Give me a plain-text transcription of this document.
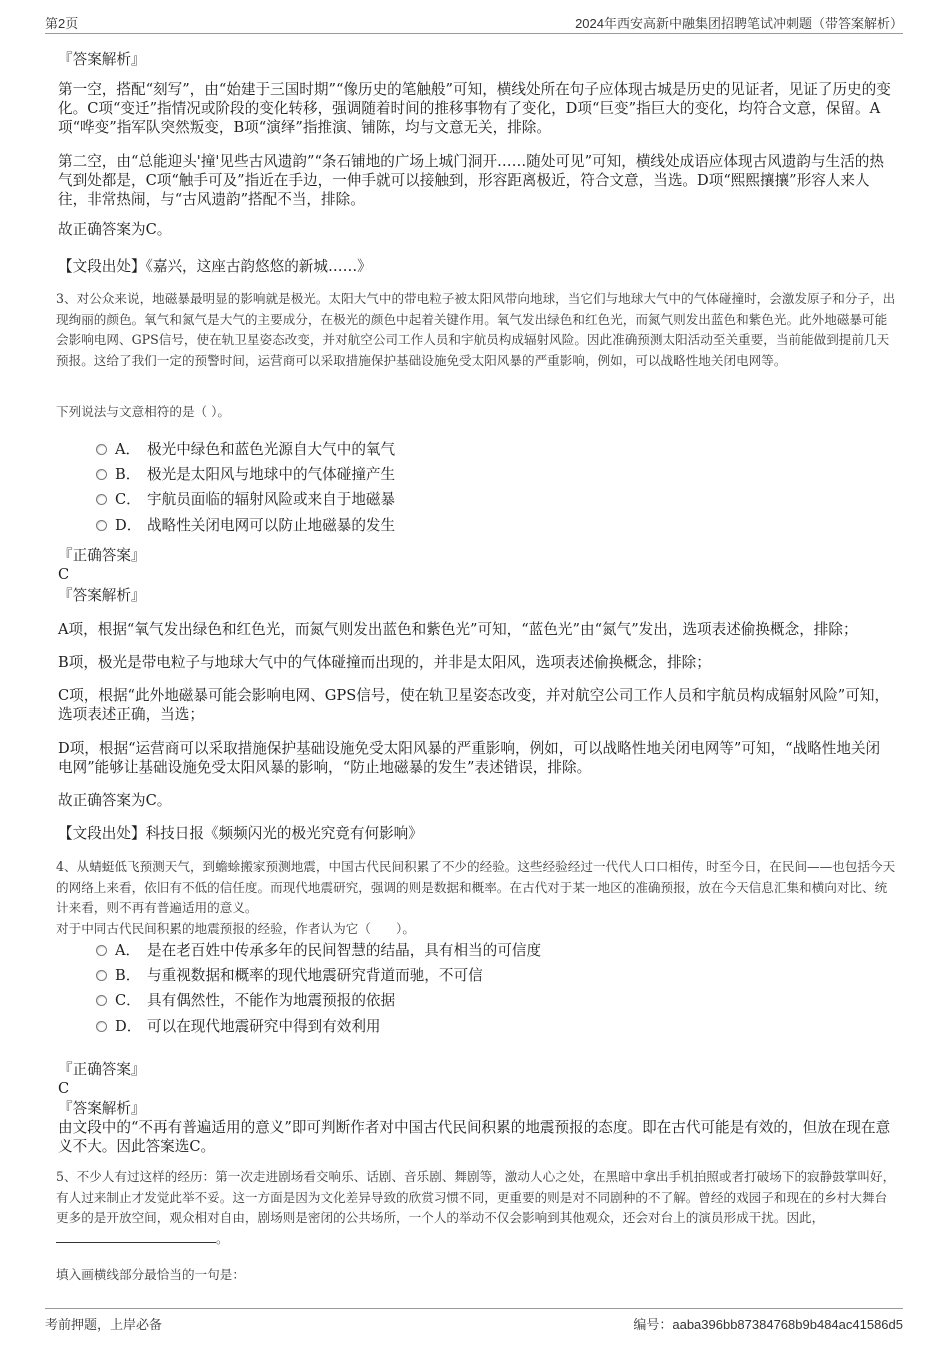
第2页	2024年西安高新中融集团招聘笔试冲刺题（带答案解析）
『答案解析』
第一空，搭配“刻写”，由“始建于三国时期”“像历史的笔触般”可知，横线处所在句子应体现古城是历史的见证者，见证了历史的变化。C项“变迁”指情况或阶段的变化转移，强调随着时间的推移事物有了变化，D项“巨变”指巨大的变化，均符合文意，保留。A项“哗变”指军队突然叛变，B项“演绎”指推演、铺陈，均与文意无关，排除。
第二空，由“总能迎头'撞'见些古风遗韵”“条石铺地的广场上城门洞开……随处可见”可知，横线处成语应体现古风遗韵与生活的热气到处都是，C项“触手可及”指近在手边，一伸手就可以接触到，形容距离极近，符合文意，当选。D项“熙熙攘攘”形容人来人往，非常热闹，与“古风遗韵”搭配不当，排除。
故正确答案为C。
【文段出处】《嘉兴，这座古韵悠悠的新城……》
3、对公众来说，地磁暴最明显的影响就是极光。太阳大气中的带电粒子被太阳风带向地球，当它们与地球大气中的气体碰撞时，会激发原子和分子，出现绚丽的颜色。氧气和氮气是大气的主要成分，在极光的颜色中起着关键作用。氧气发出绿色和红色光，而氮气则发出蓝色和紫色光。此外地磁暴可能会影响电网、GPS信号，使在轨卫星姿态改变，并对航空公司工作人员和宇航员构成辐射风险。因此准确预测太阳活动至关重要，当前能做到提前几天预报。这给了我们一定的预警时间，运营商可以采取措施保护基础设施免受太阳风暴的严重影响，例如，可以战略性地关闭电网等。
下列说法与文意相符的是（ ）。
A． 极光中绿色和蓝色光源自大气中的氧气
B． 极光是太阳风与地球中的气体碰撞产生
C． 宇航员面临的辐射风险或来自于地磁暴
D． 战略性关闭电网可以防止地磁暴的发生
『正确答案』
C
『答案解析』
A项，根据“氧气发出绿色和红色光，而氮气则发出蓝色和紫色光”可知，“蓝色光”由“氮气”发出，选项表述偷换概念，排除；
B项，极光是带电粒子与地球大气中的气体碰撞而出现的，并非是太阳风，选项表述偷换概念，排除；
C项，根据“此外地磁暴可能会影响电网、GPS信号，使在轨卫星姿态改变，并对航空公司工作人员和宇航员构成辐射风险”可知，选项表述正确，当选；
D项，根据“运营商可以采取措施保护基础设施免受太阳风暴的严重影响，例如，可以战略性地关闭电网等”可知，“战略性地关闭电网”能够让基础设施免受太阳风暴的影响，“防止地磁暴的发生”表述错误，排除。
故正确答案为C。
【文段出处】科技日报《频频闪光的极光究竟有何影响》
4、从蜻蜓低飞预测天气，到蟾蜍搬家预测地震，中国古代民间积累了不少的经验。这些经验经过一代代人口口相传，时至今日，在民间——也包括今天的网络上来看，依旧有不低的信任度。而现代地震研究，强调的则是数据和概率。在古代对于某一地区的准确预报，放在今天信息汇集和横向对比、统计来看，则不再有普遍适用的意义。
对于中同古代民间积累的地震预报的经验，作者认为它（　　）。
A． 是在老百姓中传承多年的民间智慧的结晶，具有相当的可信度
B． 与重视数据和概率的现代地震研究背道而驰，不可信
C． 具有偶然性，不能作为地震预报的依据
D． 可以在现代地震研究中得到有效利用
『正确答案』
C
『答案解析』
由文段中的“不再有普遍适用的意义”即可判断作者对中国古代民间积累的地震预报的态度。即在古代可能是有效的，但放在现在意义不大。因此答案选C。
5、不少人有过这样的经历：第一次走进剧场看交响乐、话剧、音乐剧、舞剧等，激动人心之处，在黑暗中拿出手机拍照或者打破场下的寂静鼓掌叫好，有人过来制止才发觉此举不妥。这一方面是因为文化差异导致的欣赏习惯不同，更重要的则是对不同剧种的不了解。曾经的戏园子和现在的乡村大舞台更多的是开放空间，观众相对自由，剧场则是密闭的公共场所，一个人的举动不仅会影响到其他观众，还会对台上的演员形成干扰。因此，。
填入画横线部分最恰当的一句是：
考前押题，上岸必备	编号：aaba396bb87384768b9b484ac41586d5
